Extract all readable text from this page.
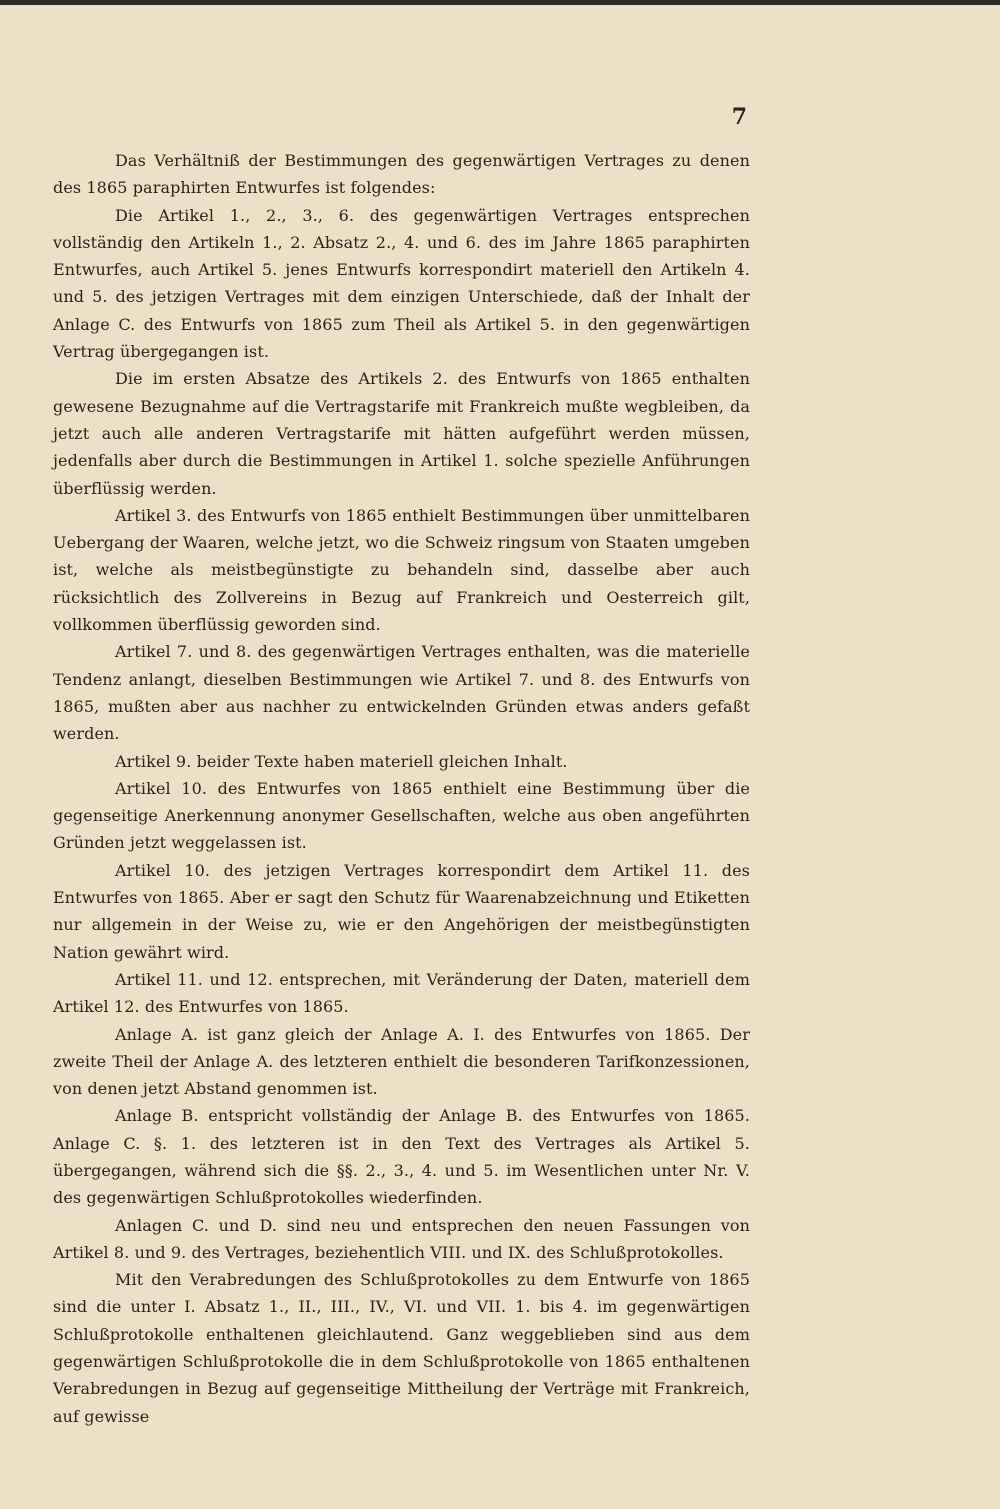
7

Das Verhältniß der Bestimmungen des gegenwärtigen Vertrages zu denen des 1865 paraphirten Entwurfes ist folgendes:

Die Artikel 1., 2., 3., 6. des gegenwärtigen Vertrages entsprechen vollständig den Artikeln 1., 2. Absatz 2., 4. und 6. des im Jahre 1865 paraphirten Entwurfes, auch Artikel 5. jenes Entwurfs korrespondirt materiell den Artikeln 4. und 5. des jetzigen Vertrages mit dem einzigen Unterschiede, daß der Inhalt der Anlage C. des Entwurfs von 1865 zum Theil als Artikel 5. in den gegenwärtigen Vertrag übergegangen ist.

Die im ersten Absatze des Artikels 2. des Entwurfs von 1865 enthalten gewesene Bezugnahme auf die Vertragstarife mit Frankreich mußte wegbleiben, da jetzt auch alle anderen Vertragstarife mit hätten aufgeführt werden müssen, jedenfalls aber durch die Bestimmungen in Artikel 1. solche spezielle Anführungen überflüssig werden.

Artikel 3. des Entwurfs von 1865 enthielt Bestimmungen über unmittelbaren Uebergang der Waaren, welche jetzt, wo die Schweiz ringsum von Staaten umgeben ist, welche als meistbegünstigte zu behandeln sind, dasselbe aber auch rücksichtlich des Zollvereins in Bezug auf Frankreich und Oesterreich gilt, vollkommen überflüssig geworden sind.

Artikel 7. und 8. des gegenwärtigen Vertrages enthalten, was die materielle Tendenz anlangt, dieselben Bestimmungen wie Artikel 7. und 8. des Entwurfs von 1865, mußten aber aus nachher zu entwickelnden Gründen etwas anders gefaßt werden.

Artikel 9. beider Texte haben materiell gleichen Inhalt.

Artikel 10. des Entwurfes von 1865 enthielt eine Bestimmung über die gegenseitige Anerkennung anonymer Gesellschaften, welche aus oben angeführten Gründen jetzt weggelassen ist.

Artikel 10. des jetzigen Vertrages korrespondirt dem Artikel 11. des Entwurfes von 1865. Aber er sagt den Schutz für Waarenabzeichnung und Etiketten nur allgemein in der Weise zu, wie er den Angehörigen der meistbegünstigten Nation gewährt wird.

Artikel 11. und 12. entsprechen, mit Veränderung der Daten, materiell dem Artikel 12. des Entwurfes von 1865.

Anlage A. ist ganz gleich der Anlage A. I. des Entwurfes von 1865. Der zweite Theil der Anlage A. des letzteren enthielt die besonderen Tarifkonzessionen, von denen jetzt Abstand genommen ist.

Anlage B. entspricht vollständig der Anlage B. des Entwurfes von 1865. Anlage C. §. 1. des letzteren ist in den Text des Vertrages als Artikel 5. übergegangen, während sich die §§. 2., 3., 4. und 5. im Wesentlichen unter Nr. V. des gegenwärtigen Schlußprotokolles wiederfinden.

Anlagen C. und D. sind neu und entsprechen den neuen Fassungen von Artikel 8. und 9. des Vertrages, beziehentlich VIII. und IX. des Schlußprotokolles.

Mit den Verabredungen des Schlußprotokolles zu dem Entwurfe von 1865 sind die unter I. Absatz 1., II., III., IV., VI. und VII. 1. bis 4. im gegenwärtigen Schlußprotokolle enthaltenen gleichlautend. Ganz weggeblieben sind aus dem gegenwärtigen Schlußprotokolle die in dem Schlußprotokolle von 1865 enthaltenen Verabredungen in Bezug auf gegenseitige Mittheilung der Verträge mit Frankreich, auf gewisse
